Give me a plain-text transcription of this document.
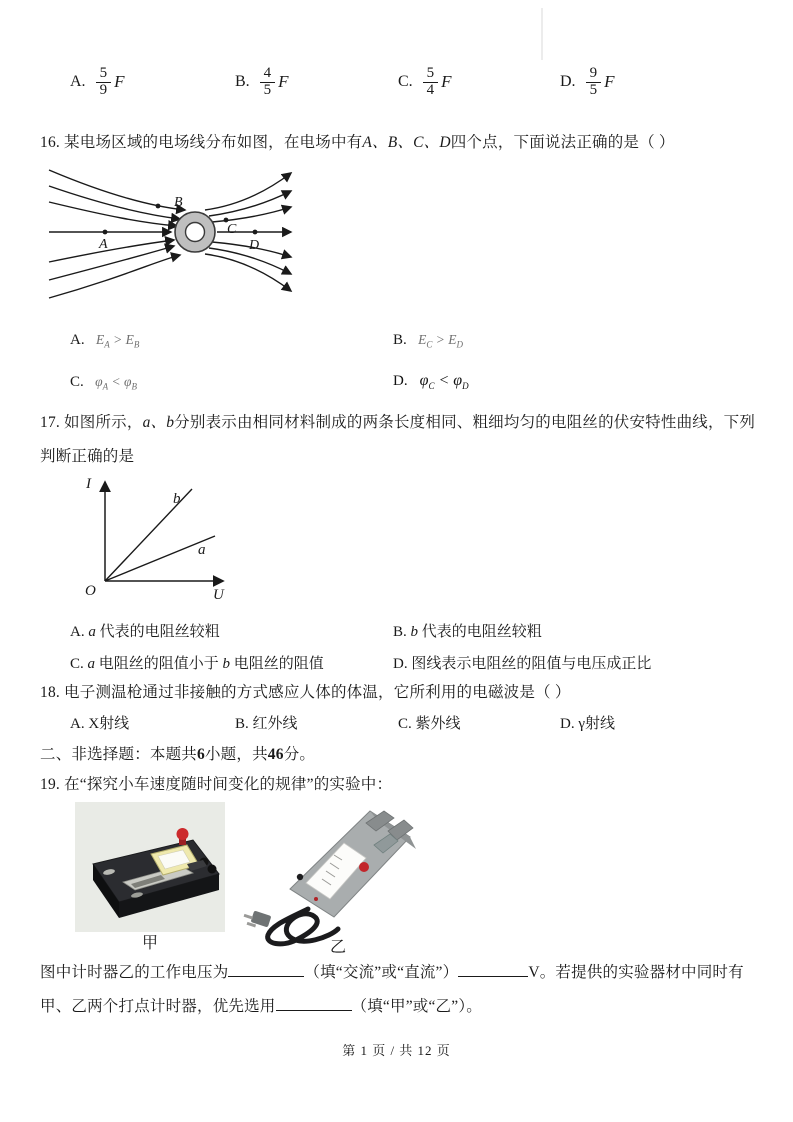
A. $\frac{5}{9}$ F	B. $\frac{4}{5}$ F	C. $\frac{5}{4}$ F	D. $\frac{9}{5}$ F
16. 某电场区域的电场线分布如图，在电场中有A、B、C、D四个点，下面说法正确的是（ ）
A
B
C
D
A. $E_A > E_B$	B. $E_C > E_D$
C. $\varphi_A < \varphi_B$	D. $\varphi_C < \varphi_D$
17. 如图所示，a、b分别表示由相同材料制成的两条长度相同、粗细均匀的电阻丝的伏安特性曲线，下列判断正确的是
I
U
O
b
a
A. a 代表的电阻丝较粗	B. b 代表的电阻丝较粗
C. a 电阻丝的阻值小于 b 电阻丝的阻值	D. 图线表示电阻丝的阻值与电压成正比
18. 电子测温枪通过非接触的方式感应人体的体温，它所利用的电磁波是（ ）
A. X射线	B. 红外线	C. 紫外线	D. γ射线
二、非选择题：本题共6小题，共46分。
19. 在“探究小车速度随时间变化的规律”的实验中：
甲	乙
图中计时器乙的工作电压为	（填“交流”或“直流”）	V。若提供的实验器材中同时有甲、乙两个打点计时器，优先选用	（填“甲”或“乙”）。
第 1 页 / 共 12 页
